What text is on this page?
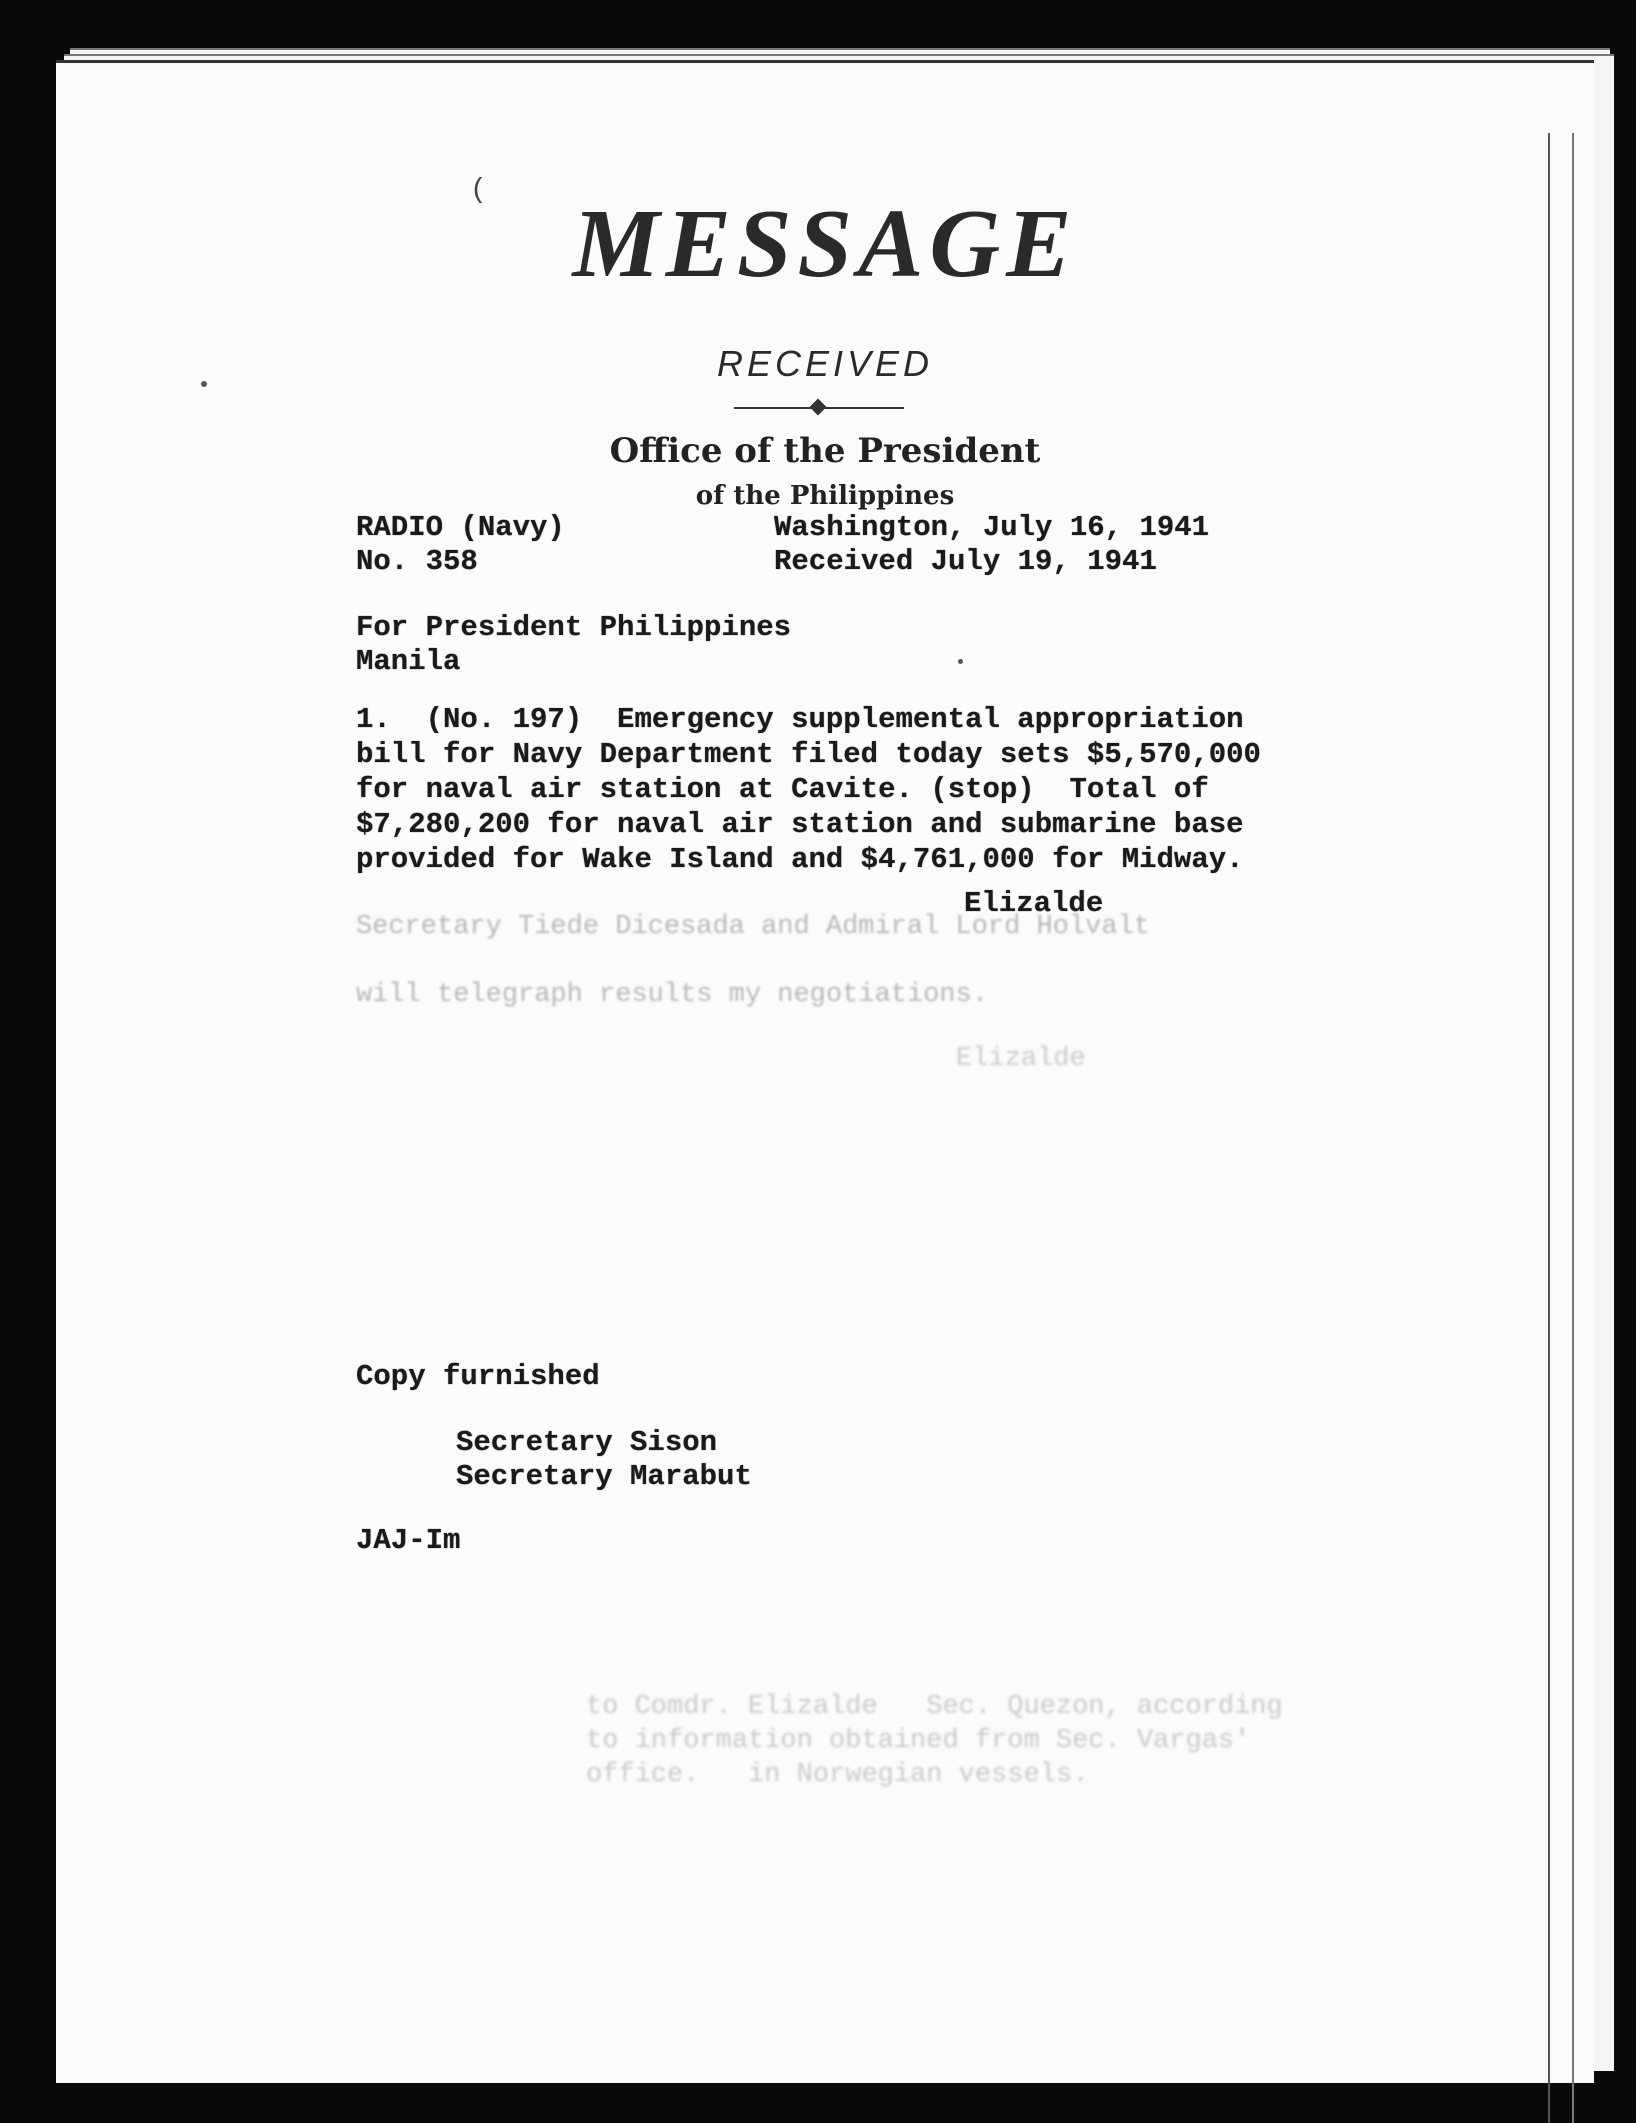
( MESSAGE
RECEIVED
Office of the President
of the Philippines
Secretary Tiede Dicesada and Admiral Lord Holvalt
will telegraph results my negotiations.
Elizalde
RADIO (Navy)
No. 358
Washington, July 16, 1941
Received July 19, 1941
For President Philippines
Manila
1.  (No. 197)  Emergency supplemental appropriation
bill for Navy Department filed today sets $5,570,000
for naval air station at Cavite. (stop)  Total of
$7,280,200 for naval air station and submarine base
provided for Wake Island and $4,761,000 for Midway.
Elizalde
Copy furnished
Secretary Sison
Secretary Marabut
JAJ-Im
to Comdr. Elizalde   Sec. Quezon, according
to information obtained from Sec. Vargas'
office.   in Norwegian vessels.
